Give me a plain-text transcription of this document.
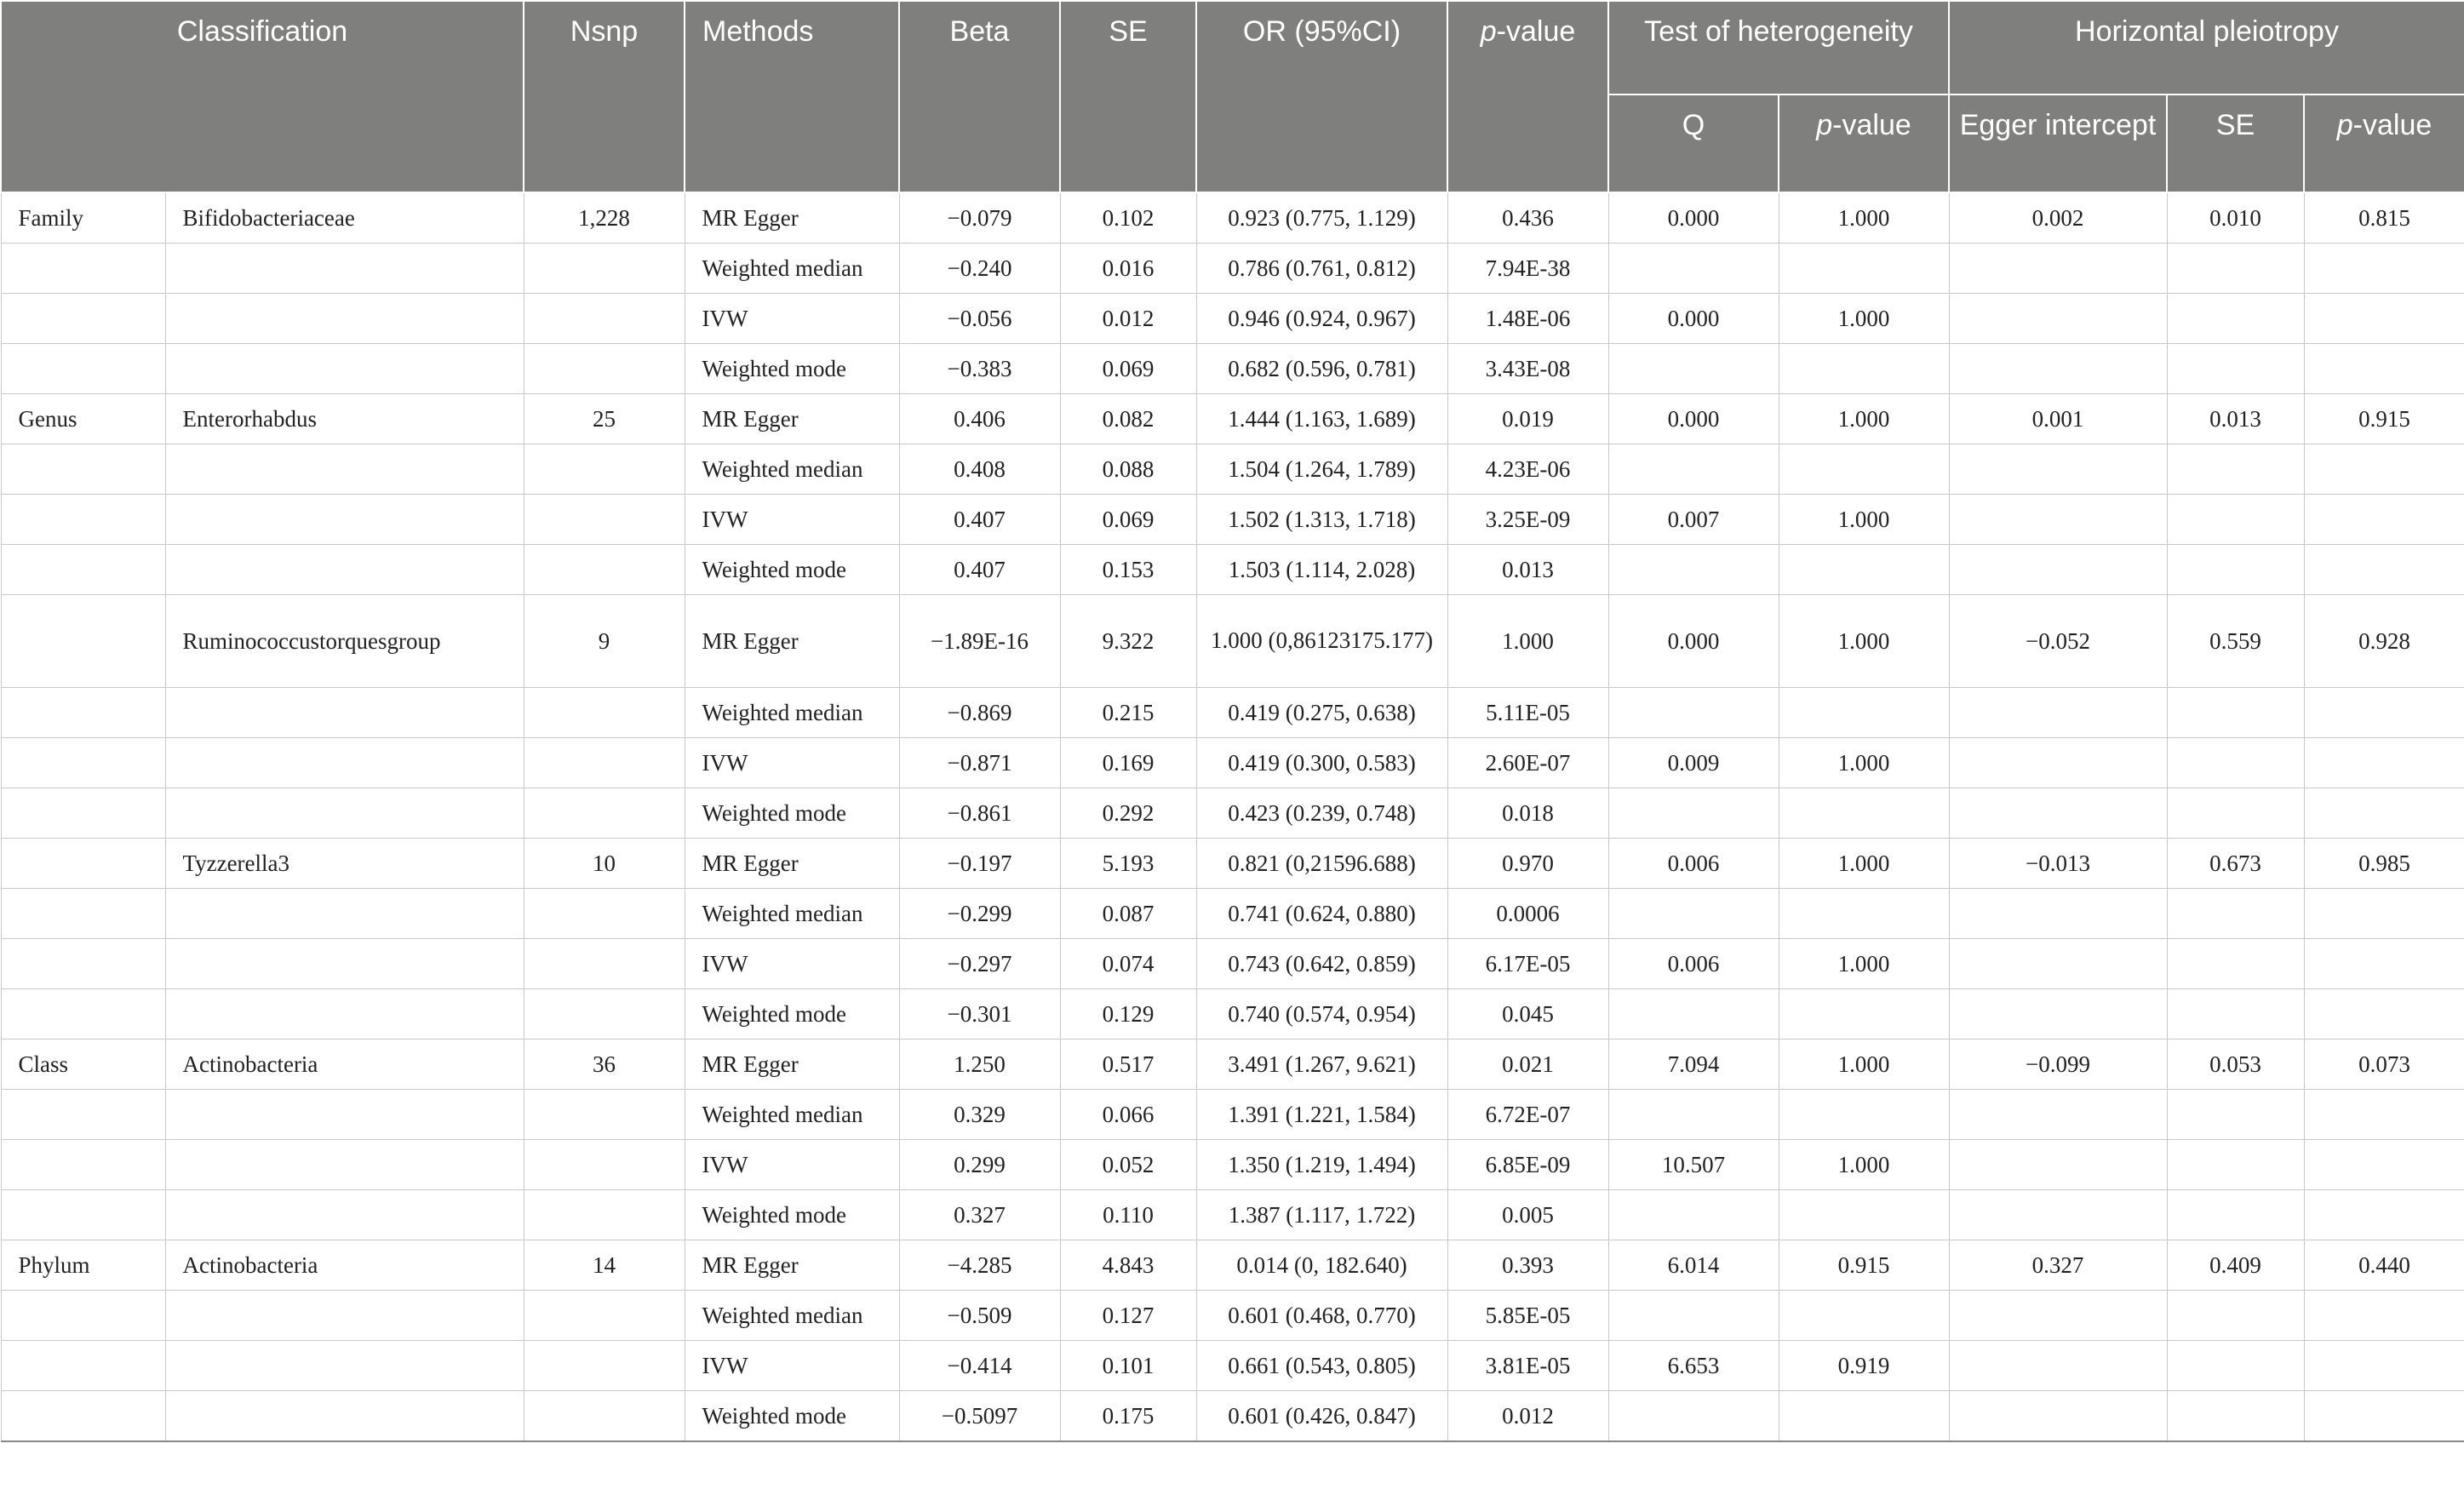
Classification		Nsnp	Methods	Beta	SE	OR (95%CI)	p-value	Test of heterogeneity		Horizontal pleiotropy		
								Q	p-value	Egger intercept	SE	p-value
Family	Bifidobacteriaceae	1,228	MR Egger	−0.079	0.102	0.923 (0.775, 1.129)	0.436	0.000	1.000	0.002	0.010	0.815
			Weighted median	−0.240	0.016	0.786 (0.761, 0.812)	7.94E-38					
			IVW	−0.056	0.012	0.946 (0.924, 0.967)	1.48E-06	0.000	1.000			
			Weighted mode	−0.383	0.069	0.682 (0.596, 0.781)	3.43E-08					
Genus	Enterorhabdus	25	MR Egger	0.406	0.082	1.444 (1.163, 1.689)	0.019	0.000	1.000	0.001	0.013	0.915
			Weighted median	0.408	0.088	1.504 (1.264, 1.789)	4.23E-06					
			IVW	0.407	0.069	1.502 (1.313, 1.718)	3.25E-09	0.007	1.000			
			Weighted mode	0.407	0.153	1.503 (1.114, 2.028)	0.013					
	Ruminococcustorquesgroup	9	MR Egger	−1.89E-16	9.322	1.000 (0,86123175.177)	1.000	0.000	1.000	−0.052	0.559	0.928
			Weighted median	−0.869	0.215	0.419 (0.275, 0.638)	5.11E-05					
			IVW	−0.871	0.169	0.419 (0.300, 0.583)	2.60E-07	0.009	1.000			
			Weighted mode	−0.861	0.292	0.423 (0.239, 0.748)	0.018					
	Tyzzerella3	10	MR Egger	−0.197	5.193	0.821 (0,21596.688)	0.970	0.006	1.000	−0.013	0.673	0.985
			Weighted median	−0.299	0.087	0.741 (0.624, 0.880)	0.0006					
			IVW	−0.297	0.074	0.743 (0.642, 0.859)	6.17E-05	0.006	1.000			
			Weighted mode	−0.301	0.129	0.740 (0.574, 0.954)	0.045					
Class	Actinobacteria	36	MR Egger	1.250	0.517	3.491 (1.267, 9.621)	0.021	7.094	1.000	−0.099	0.053	0.073
			Weighted median	0.329	0.066	1.391 (1.221, 1.584)	6.72E-07					
			IVW	0.299	0.052	1.350 (1.219, 1.494)	6.85E-09	10.507	1.000			
			Weighted mode	0.327	0.110	1.387 (1.117, 1.722)	0.005					
Phylum	Actinobacteria	14	MR Egger	−4.285	4.843	0.014 (0, 182.640)	0.393	6.014	0.915	0.327	0.409	0.440
			Weighted median	−0.509	0.127	0.601 (0.468, 0.770)	5.85E-05					
			IVW	−0.414	0.101	0.661 (0.543, 0.805)	3.81E-05	6.653	0.919			
			Weighted mode	−0.5097	0.175	0.601 (0.426, 0.847)	0.012					
